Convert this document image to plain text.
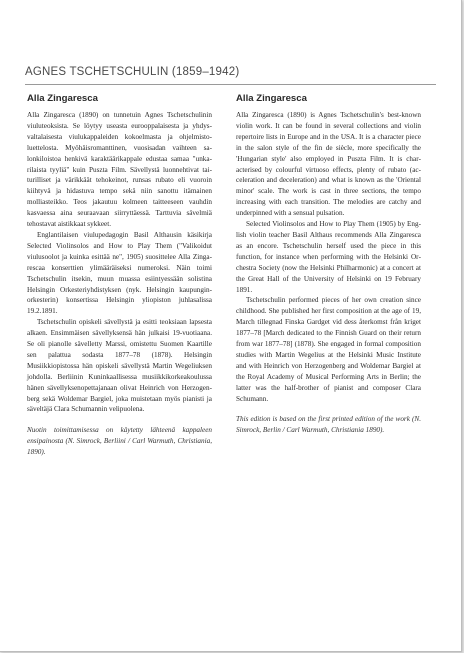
AGNES TSCHETSCHULIN (1859–1942)
Alla Zingaresca

Alla Zingaresca (1890) on tunnetuin Agnes Tschetschulinin viuluteoksista. Se löytyy useasta eurooppalaisesta ja yhdysvaltalaisesta viulukappaleiden kokoelmasta ja ohjelmistoluettelosta. Myöhäisromanttinen, vuosisadan vaihteen salonkiloistoa henkivä karaktäärikappale edustaa samaa "unkarilaista tyyliä" kuin Puszta Film. Sävellystä luonnehtivat taiturilliset ja värikkäät tehokeinot, runsas rubato eli vuoroin kiihtyvä ja hidastuva tempo sekä niin sanottu itämainen molliasteikko. Teos jakautuu kolmeen taitteeseen vauhdin kasvaessa aina seuraavaan siirryttäessä. Tarttuvia sävelmiä tehostavat aistikkaat sykkeet.

Englantilaisen viulupedagogin Basil Althausin käsikirja Selected Violinsolos and How to Play Them ("Valikoidut viulusoolot ja kuinka esittää ne", 1905) suosittelee Alla Zingarescaa konserttien ylimääräiseksi numeroksi. Näin toimi Tschetschulin itsekin, muun muassa esiintyessään solistina Helsingin Orkesteriyhdistyksen (nyk. Helsingin kaupunginorkesterin) konsertissa Helsingin yliopiston juhlasalissa 19.2.1891.

Tschetschulin opiskeli sävellystä ja esitti teoksiaan lapsesta alkaen. Ensimmäisen sävellyksensä hän julkaisi 19-vuotiaana. Se oli pianolle sävelletty Marssi, omistettu Suomen Kaartille sen palattua sodasta 1877–78 (1878). Helsingin Musiikkiopistossa hän opiskeli sävellystä Martin Wegeliuksen johdolla. Berliinin Kuninkaallisessa musiikkikorkeakoulussa hänen sävellyksenopettajanaan olivat Heinrich von Herzogenberg sekä Woldemar Bargiel, joka muistetaan myös pianisti ja säveltäjä Clara Schumannin velipuolena.

Nuotin toimittamisessa on käytetty lähteenä kappaleen ensipainosta (N. Simrock, Berliini / Carl Warmuth, Christiania, 1890).

Alla Zingaresca

Alla Zingaresca (1890) is Agnes Tschetschulin's best-known violin work. It can be found in several collections and violin repertoire lists in Europe and in the USA. It is a character piece in the salon style of the fin de siècle, more specifically the 'Hungarian style' also employed in Puszta Film. It is characterised by colourful virtuoso effects, plenty of rubato (acceleration and deceleration) and what is known as the 'Oriental minor' scale. The work is cast in three sections, the tempo increasing with each transition. The melodies are catchy and underpinned with a sensual pulsation.

Selected Violinsolos and How to Play Them (1905) by English violin teacher Basil Althaus recommends Alla Zingaresca as an encore. Tschetschulin herself used the piece in this function, for instance when performing with the Helsinki Orchestra Society (now the Helsinki Philharmonic) at a concert at the Great Hall of the University of Helsinki on 19 February 1891.

Tschetschulin performed pieces of her own creation since childhood. She published her first composition at the age of 19, March tillegnad Finska Gardget vid dess återkomst från kriget 1877–78 [March dedicated to the Finnish Guard on their return from war 1877–78] (1878). She engaged in formal composition studies with Martin Wegelius at the Helsinki Music Institute and with Heinrich von Herzogenberg and Woldemar Bargiel at the Royal Academy of Musical Performing Arts in Berlin; the latter was the half-brother of pianist and composer Clara Schumann.

This edition is based on the first printed edition of the work (N. Simrock, Berlin / Carl Warmuth, Christiania 1890).
